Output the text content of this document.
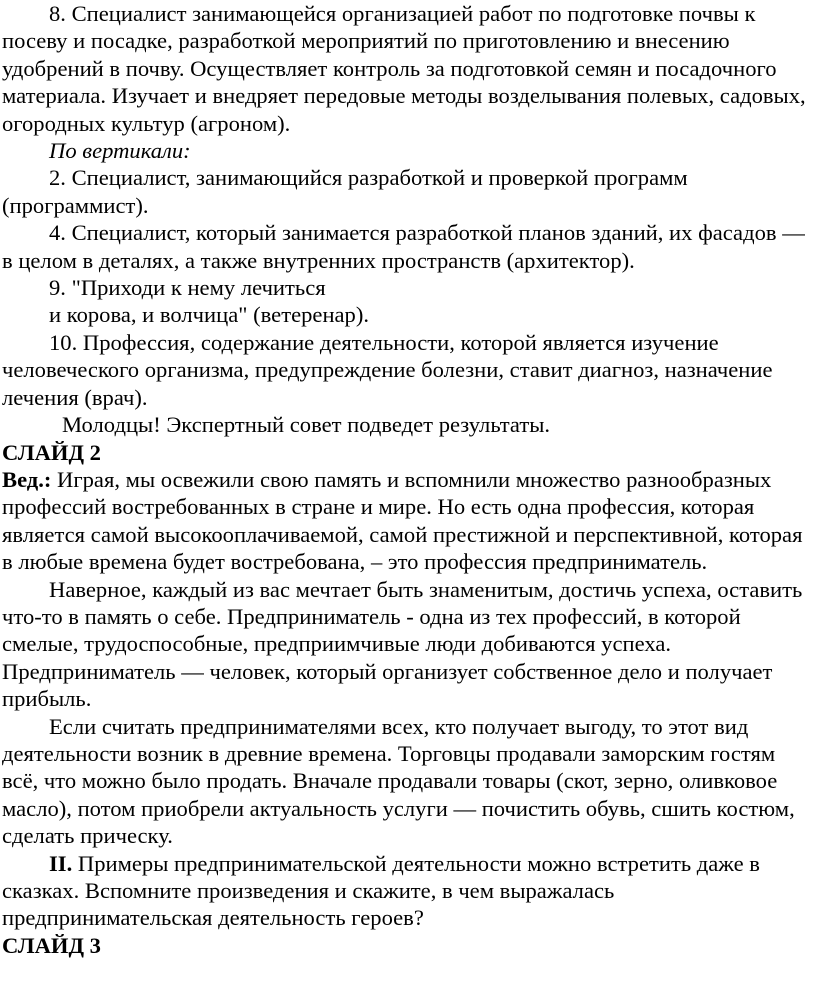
8. Специалист занимающейся организацией работ по подготовке почвы к посеву и посадке, разработкой мероприятий по приготовлению и внесению удобрений в почву. Осуществляет контроль за подготовкой семян и посадочного материала. Изучает и внедряет передовые методы возделывания полевых, садовых, огородных культур (агроном).

По вертикали:

2. Специалист, занимающийся разработкой и проверкой программ (программист).

4. Специалист, который занимается разработкой планов зданий, их фасадов — в целом в деталях, а также внутренних пространств (архитектор).

9. "Приходи к нему лечиться
и корова, и волчица" (ветеренар).

10. Профессия, содержание деятельности, которой является изучение человеческого организма, предупреждение болезни, ставит диагноз, назначение лечения (врач).

Молодцы! Экспертный совет подведет результаты.

СЛАЙД 2

Вед.: Играя, мы освежили свою память и вспомнили множество разнообразных профессий востребованных в стране и мире. Но есть одна профессия, которая является самой высокооплачиваемой, самой престижной и перспективной, которая в любые времена будет востребована, – это профессия предприниматель.

Наверное, каждый из вас мечтает быть знаменитым, достичь успеха, оставить что-то в память о себе. Предприниматель - одна из тех профессий, в которой смелые, трудоспособные, предприимчивые люди добиваются успеха. Предприниматель — человек, который организует собственное дело и получает прибыль.

Если считать предпринимателями всех, кто получает выгоду, то этот вид деятельности возник в древние времена. Торговцы продавали заморским гостям всё, что можно было продать. Вначале продавали товары (скот, зерно, оливковое масло), потом приобрели актуальность услуги — почистить обувь, сшить костюм, сделать прическу.

II. Примеры предпринимательской деятельности можно встретить даже в сказках. Вспомните произведения и скажите, в чем выражалась предпринимательская деятельность героев?

СЛАЙД 3
